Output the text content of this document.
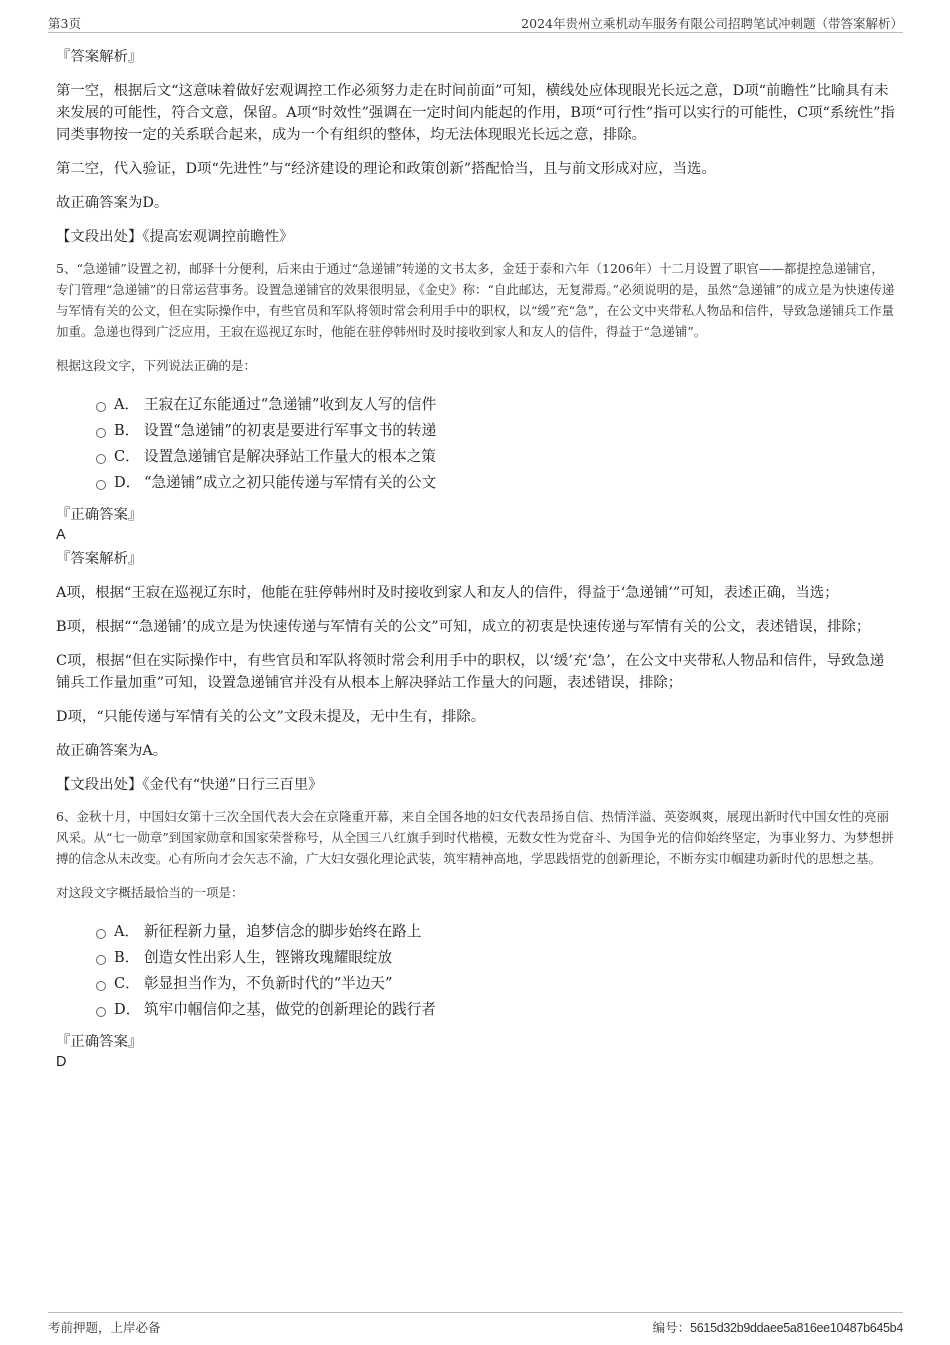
第3页	2024年贵州立乘机动车服务有限公司招聘笔试冲刺题（带答案解析）

『答案解析』

第一空，根据后文“这意味着做好宏观调控工作必须努力走在时间前面”可知，横线处应体现眼光长远之意，D项“前瞻性”比喻具有未来发展的可能性，符合文意，保留。A项“时效性”强调在一定时间内能起的作用，B项“可行性”指可以实行的可能性，C项“系统性”指同类事物按一定的关系联合起来，成为一个有组织的整体，均无法体现眼光长远之意，排除。

第二空，代入验证，D项“先进性”与“经济建设的理论和政策创新”搭配恰当，且与前文形成对应，当选。

故正确答案为D。

【文段出处】《提高宏观调控前瞻性》

5、“急递铺”设置之初，邮驿十分便利，后来由于通过“急递铺”转递的文书太多，金廷于泰和六年（1206年）十二月设置了职官——都提控急递铺官，专门管理“急递铺”的日常运营事务。设置急递铺官的效果很明显，《金史》称：“自此邮达，无复滞焉。”必须说明的是，虽然“急递铺”的成立是为快速传递与军情有关的公文，但在实际操作中，有些官员和军队将领时常会利用手中的职权，以“缓”充“急”，在公文中夹带私人物品和信件，导致急递铺兵工作量加重。急递也得到广泛应用，王寂在巡视辽东时，他能在驻停韩州时及时接收到家人和友人的信件，得益于“急递铺”。

根据这段文字，下列说法正确的是：

A． 王寂在辽东能通过“急递铺”收到友人写的信件
B． 设置“急递铺”的初衷是要进行军事文书的转递
C． 设置急递铺官是解决驿站工作量大的根本之策
D． “急递铺”成立之初只能传递与军情有关的公文

『正确答案』

A

『答案解析』

A项，根据“王寂在巡视辽东时，他能在驻停韩州时及时接收到家人和友人的信件，得益于‘急递铺’”可知，表述正确，当选；

B项，根据““急递铺’的成立是为快速传递与军情有关的公文”可知，成立的初衷是快速传递与军情有关的公文，表述错误，排除；

C项，根据“但在实际操作中，有些官员和军队将领时常会利用手中的职权，以‘缓’充‘急’，在公文中夹带私人物品和信件，导致急递铺兵工作量加重”可知，设置急递铺官并没有从根本上解决驿站工作量大的问题，表述错误，排除；

D项，“只能传递与军情有关的公文”文段未提及，无中生有，排除。

故正确答案为A。

【文段出处】《金代有“快递”日行三百里》

6、金秋十月，中国妇女第十三次全国代表大会在京隆重开幕，来自全国各地的妇女代表昂扬自信、热情洋溢、英姿飒爽，展现出新时代中国女性的亮丽风采。从“七一勋章”到国家勋章和国家荣誉称号，从全国三八红旗手到时代楷模，无数女性为党奋斗、为国争光的信仰始终坚定，为事业努力、为梦想拼搏的信念从未改变。心有所向才会矢志不渝，广大妇女强化理论武装，筑牢精神高地，学思践悟党的创新理论，不断夯实巾帼建功新时代的思想之基。

对这段文字概括最恰当的一项是：

A． 新征程新力量，追梦信念的脚步始终在路上
B． 创造女性出彩人生，铿锵玫瑰耀眼绽放
C． 彰显担当作为，不负新时代的“半边天”
D． 筑牢巾帼信仰之基，做党的创新理论的践行者

『正确答案』

D

考前押题，上岸必备	编号：5615d32b9ddaee5a816ee10487b645b4
